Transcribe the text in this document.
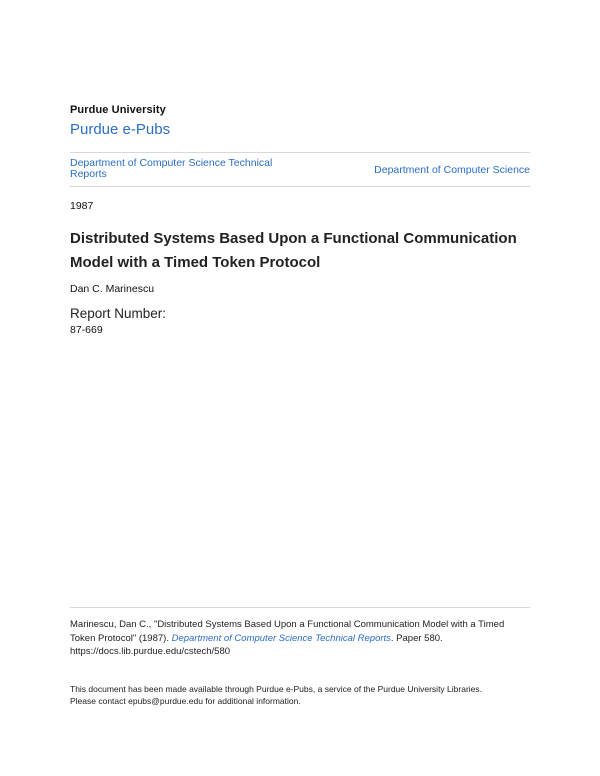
Purdue University
Purdue e-Pubs
Department of Computer Science Technical Reports	Department of Computer Science
1987
Distributed Systems Based Upon a Functional Communication Model with a Timed Token Protocol
Dan C. Marinescu
Report Number:
87-669
Marinescu, Dan C., "Distributed Systems Based Upon a Functional Communication Model with a Timed Token Protocol" (1987). Department of Computer Science Technical Reports. Paper 580.
https://docs.lib.purdue.edu/cstech/580
This document has been made available through Purdue e-Pubs, a service of the Purdue University Libraries.
Please contact epubs@purdue.edu for additional information.
